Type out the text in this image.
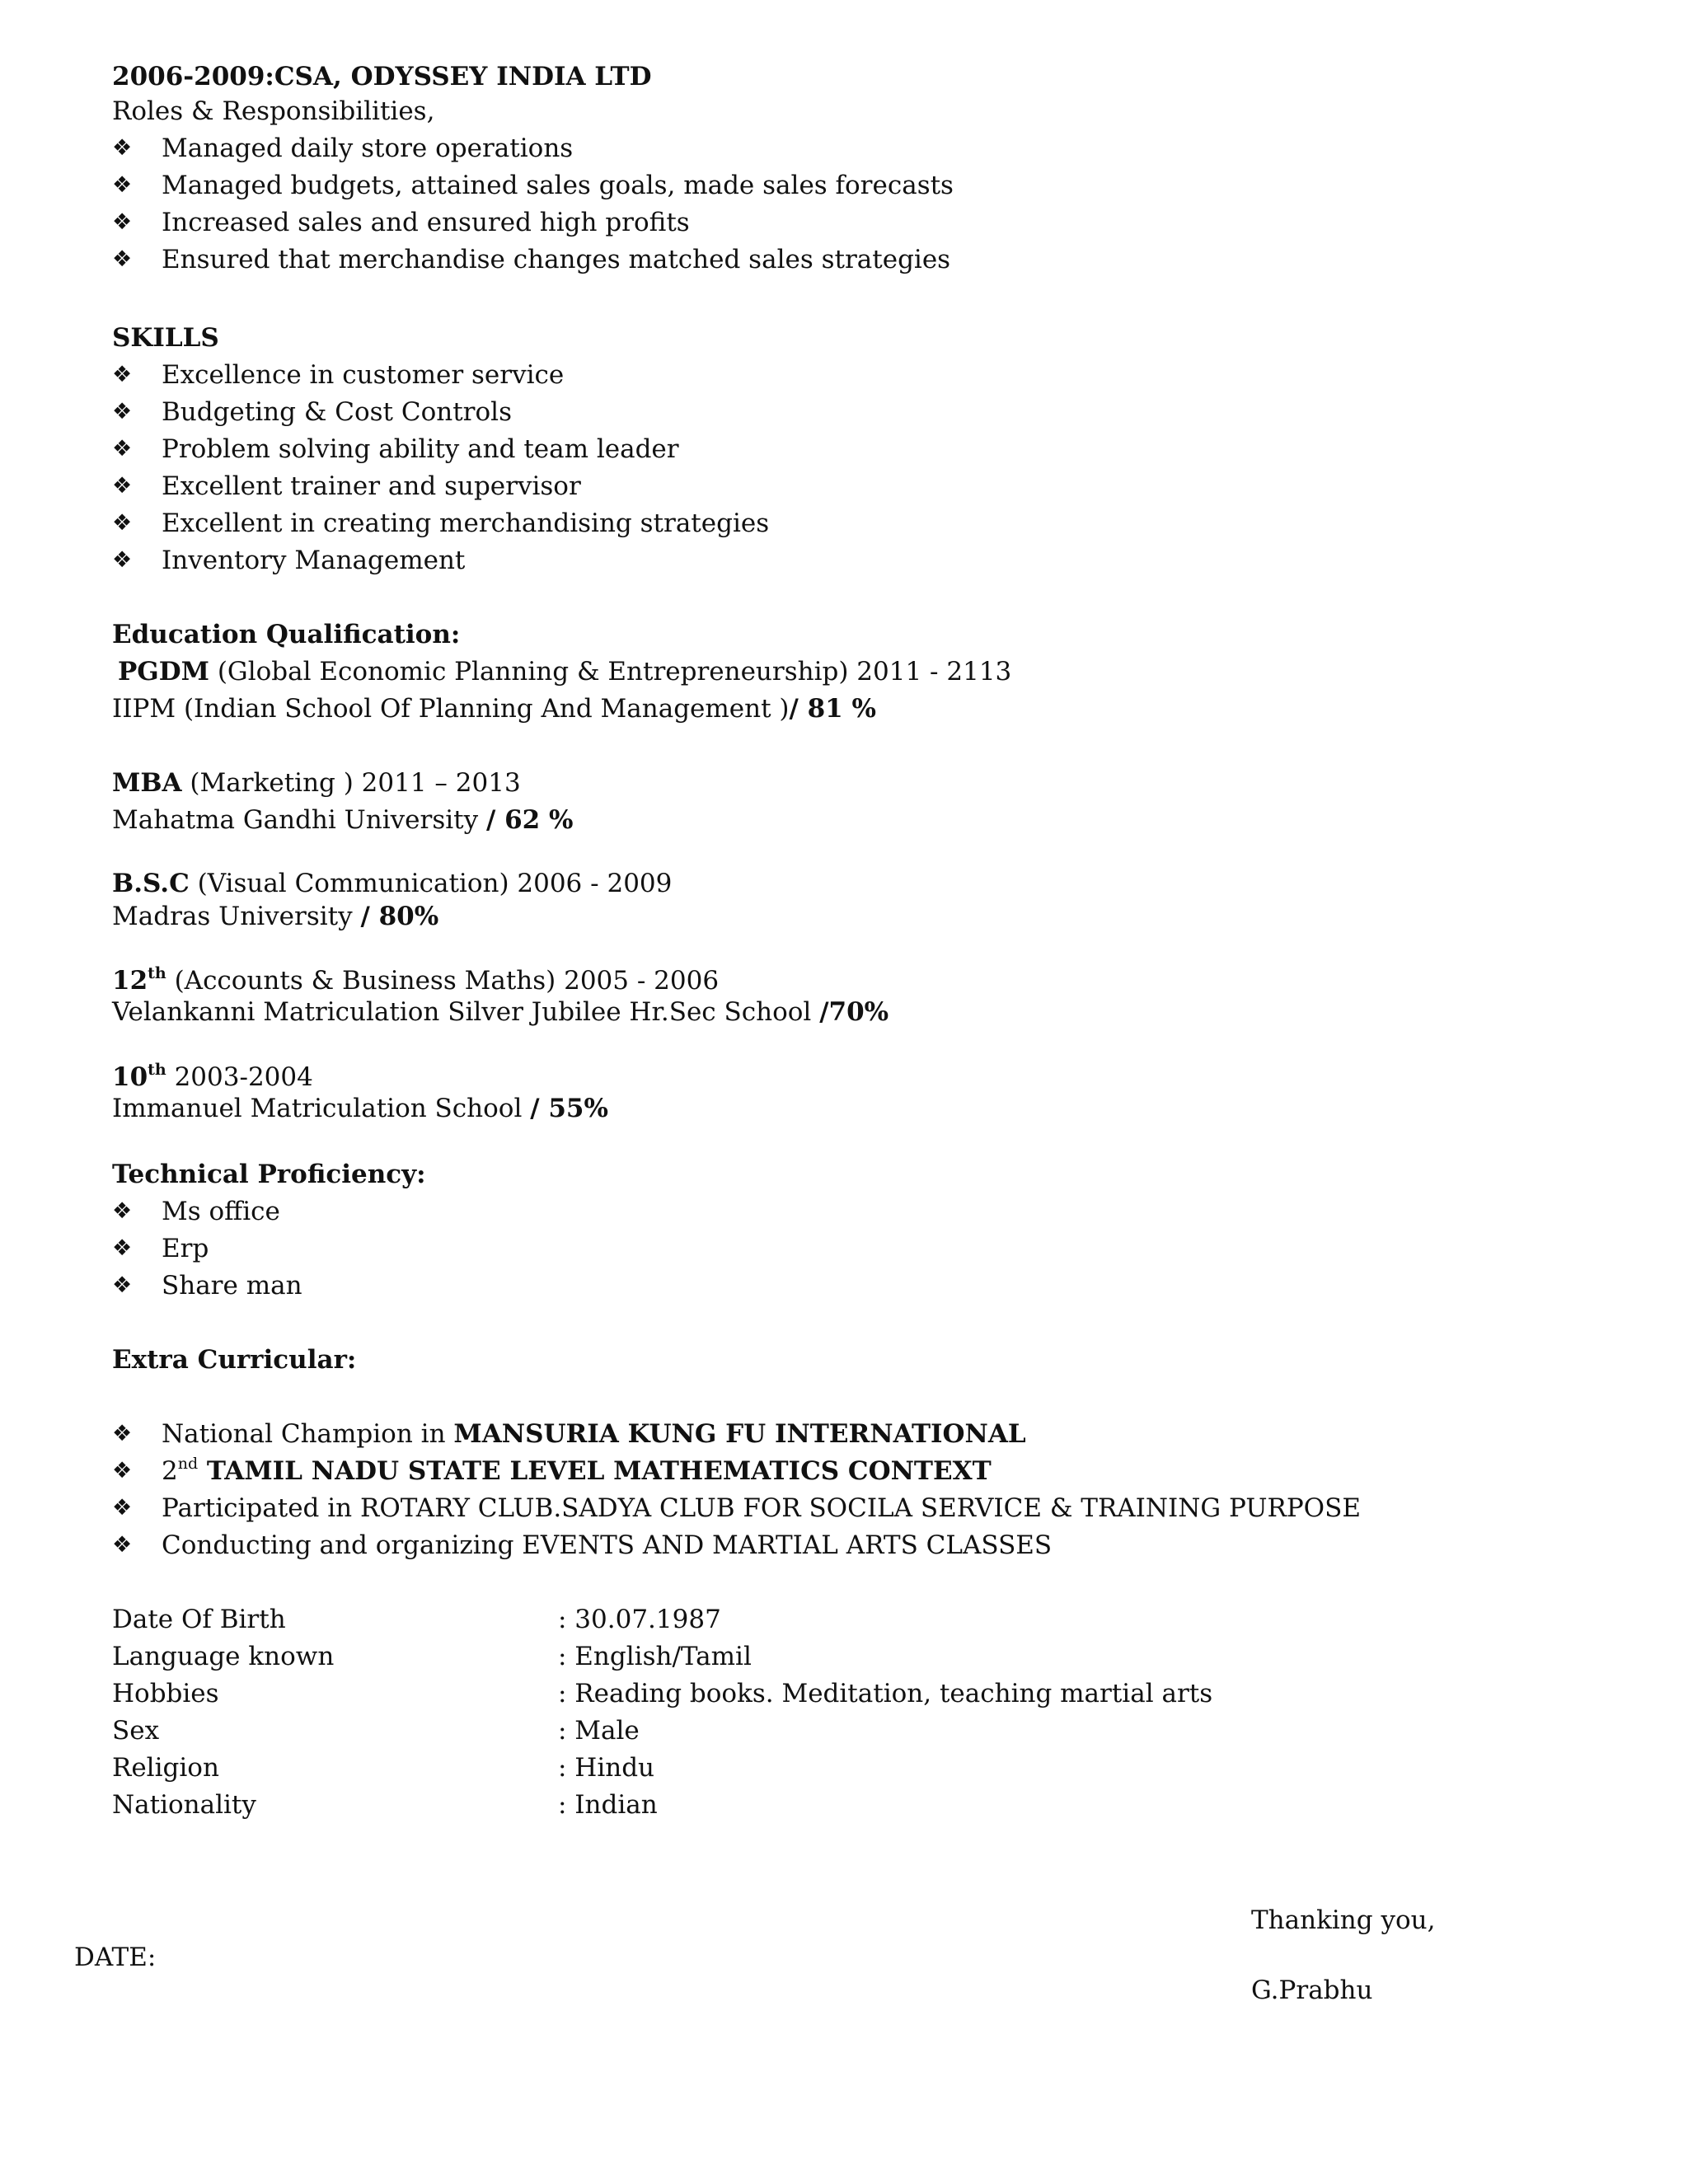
2006-2009:CSA, ODYSSEY INDIA LTD
Roles & Responsibilities,
❖	Managed daily store operations
❖	Managed budgets, attained sales goals, made sales forecasts
❖	Increased sales and ensured high profits
❖	Ensured that merchandise changes matched sales strategies
SKILLS
❖	Excellence in customer service
❖	Budgeting & Cost Controls
❖	Problem solving ability and team leader
❖	Excellent trainer and supervisor
❖	Excellent in creating merchandising strategies
❖	Inventory Management
Education Qualification:
PGDM (Global Economic Planning & Entrepreneurship) 2011 - 2113
IIPM (Indian School Of Planning And Management )/ 81 %
MBA (Marketing ) 2011 – 2013
Mahatma Gandhi University / 62 %
B.S.C (Visual Communication) 2006 - 2009
Madras University / 80%
12th (Accounts & Business Maths) 2005 - 2006
Velankanni Matriculation Silver Jubilee Hr.Sec School /70%
10th 2003-2004
Immanuel Matriculation School / 55%
Technical Proficiency:
❖	Ms office
❖	Erp
❖	Share man
Extra Curricular:
❖	National Champion in MANSURIA KUNG FU INTERNATIONAL
❖	2nd TAMIL NADU STATE LEVEL MATHEMATICS CONTEXT
❖	Participated in ROTARY CLUB.SADYA CLUB FOR SOCILA SERVICE & TRAINING PURPOSE
❖	Conducting and organizing EVENTS AND MARTIAL ARTS CLASSES
Date Of Birth	: 30.07.1987
Language known	: English/Tamil
Hobbies	: Reading books. Meditation, teaching martial arts
Sex	: Male
Religion	: Hindu
Nationality	: Indian
Thanking you,
DATE:
G.Prabhu
